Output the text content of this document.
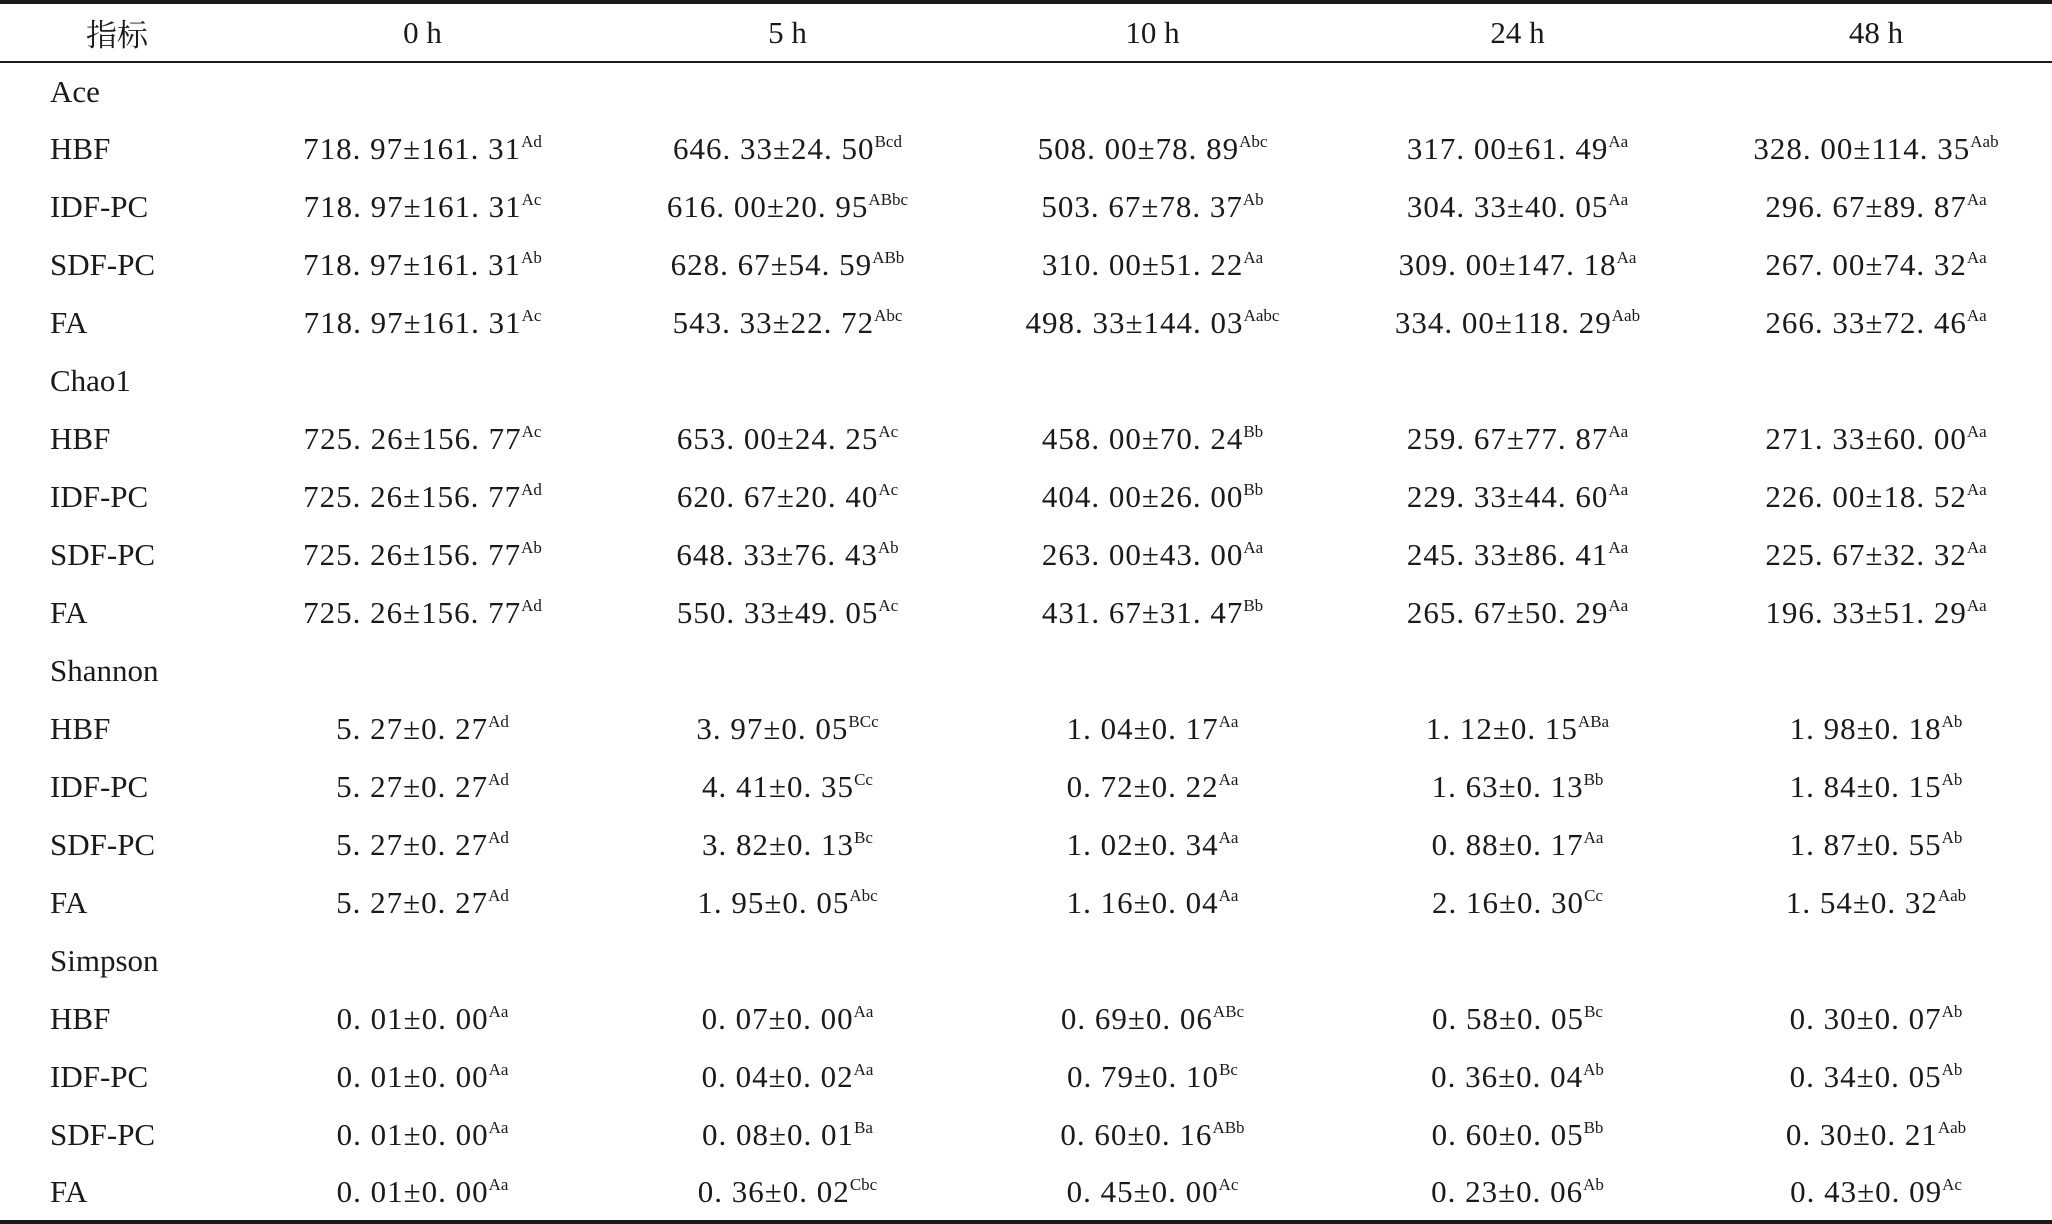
指标	0 h	5 h	10 h	24 h	48 h
Ace					
HBF	718. 97±161. $31^{Ad}$	646. 33±24. $50^{Bcd}$	508. 00±78. $89^{Abc}$	317. 00±61. $49^{Aa}$	328. 00±114. $35^{Aab}$
IDF-PC	718. 97±161. $31^{Ac}$	616. 00±20. $95^{ABbc}$	503. 67±78. $37^{Ab}$	304. 33±40. $05^{Aa}$	296. 67±89. $87^{Aa}$
SDF-PC	718. 97±161. $31^{Ab}$	628. 67±54. $59^{ABb}$	310. 00±51. $22^{Aa}$	309. 00±147. $18^{Aa}$	267. 00±74. $32^{Aa}$
FA	718. 97±161. $31^{Ac}$	543. 33±22. $72^{Abc}$	498. 33±144. $03^{Aabc}$	334. 00±118. $29^{Aab}$	266. 33±72. $46^{Aa}$
Chao1					
HBF	725. 26±156. $77^{Ac}$	653. 00±24. $25^{Ac}$	458. 00±70. $24^{Bb}$	259. 67±77. $87^{Aa}$	271. 33±60. $00^{Aa}$
IDF-PC	725. 26±156. $77^{Ad}$	620. 67±20. $40^{Ac}$	404. 00±26. $00^{Bb}$	229. 33±44. $60^{Aa}$	226. 00±18. $52^{Aa}$
SDF-PC	725. 26±156. $77^{Ab}$	648. 33±76. $43^{Ab}$	263. 00±43. $00^{Aa}$	245. 33±86. $41^{Aa}$	225. 67±32. $32^{Aa}$
FA	725. 26±156. $77^{Ad}$	550. 33±49. $05^{Ac}$	431. 67±31. $47^{Bb}$	265. 67±50. $29^{Aa}$	196. 33±51. $29^{Aa}$
Shannon					
HBF	5. 27±0. $27^{Ad}$	3. 97±0. $05^{BCc}$	1. 04±0. $17^{Aa}$	1. 12±0. $15^{ABa}$	1. 98±0. $18^{Ab}$
IDF-PC	5. 27±0. $27^{Ad}$	4. 41±0. $35^{Cc}$	0. 72±0. $22^{Aa}$	1. 63±0. $13^{Bb}$	1. 84±0. $15^{Ab}$
SDF-PC	5. 27±0. $27^{Ad}$	3. 82±0. $13^{Bc}$	1. 02±0. $34^{Aa}$	0. 88±0. $17^{Aa}$	1. 87±0. $55^{Ab}$
FA	5. 27±0. $27^{Ad}$	1. 95±0. $05^{Abc}$	1. 16±0. $04^{Aa}$	2. 16±0. $30^{Cc}$	1. 54±0. $32^{Aab}$
Simpson					
HBF	0. 01±0. $00^{Aa}$	0. 07±0. $00^{Aa}$	0. 69±0. $06^{ABc}$	0. 58±0. $05^{Bc}$	0. 30±0. $07^{Ab}$
IDF-PC	0. 01±0. $00^{Aa}$	0. 04±0. $02^{Aa}$	0. 79±0. $10^{Bc}$	0. 36±0. $04^{Ab}$	0. 34±0. $05^{Ab}$
SDF-PC	0. 01±0. $00^{Aa}$	0. 08±0. $01^{Ba}$	0. 60±0. $16^{ABb}$	0. 60±0. $05^{Bb}$	0. 30±0. $21^{Aab}$
FA	0. 01±0. $00^{Aa}$	0. 36±0. $02^{Cbc}$	0. 45±0. $00^{Ac}$	0. 23±0. $06^{Ab}$	0. 43±0. $09^{Ac}$
